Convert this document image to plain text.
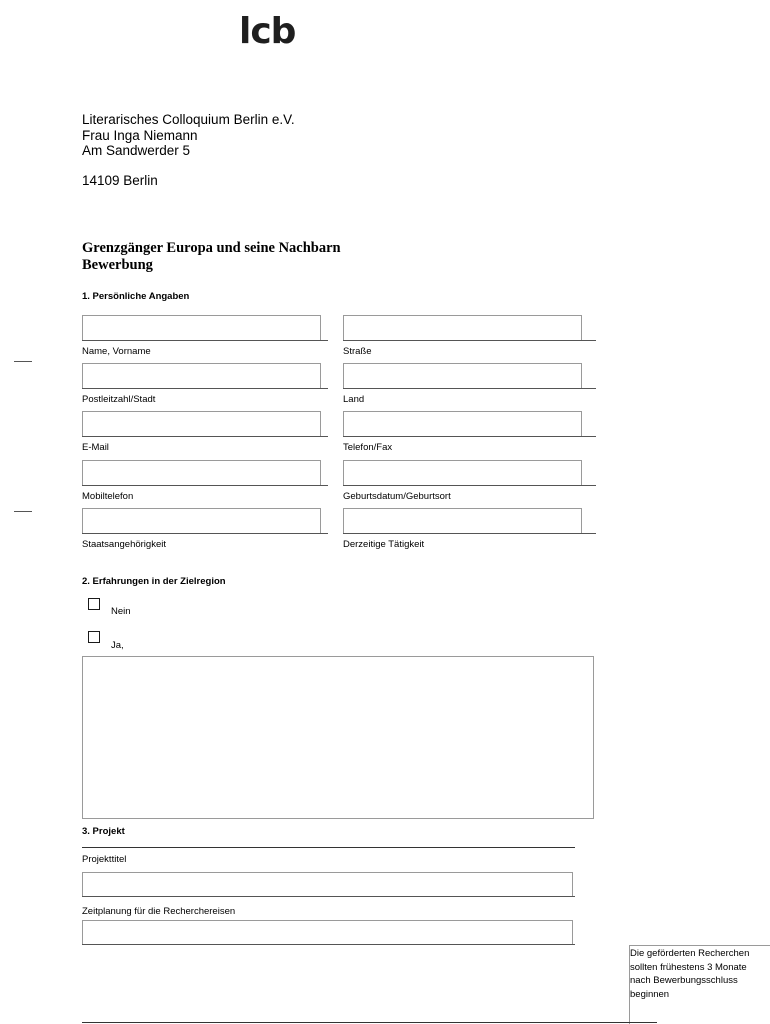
lcb
Literarisches Colloquium Berlin e.V.
Frau Inga Niemann
Am Sandwerder 5
14109 Berlin
Grenzgänger Europa und seine Nachbarn
Bewerbung
1. Persönliche Angaben
Name, Vorname
Postleitzahl/Stadt
E-Mail
Mobiltelefon
Staatsangehörigkeit
Straße
Land
Telefon/Fax
Geburtsdatum/Geburtsort
Derzeitige Tätigkeit
2. Erfahrungen in der Zielregion
Nein
Ja,
3. Projekt
Projekttitel
Zeitplanung für die Recherchereisen
Die geförderten Recherchen sollten frühestens 3 Monate nach Bewerbungsschluss beginnen
